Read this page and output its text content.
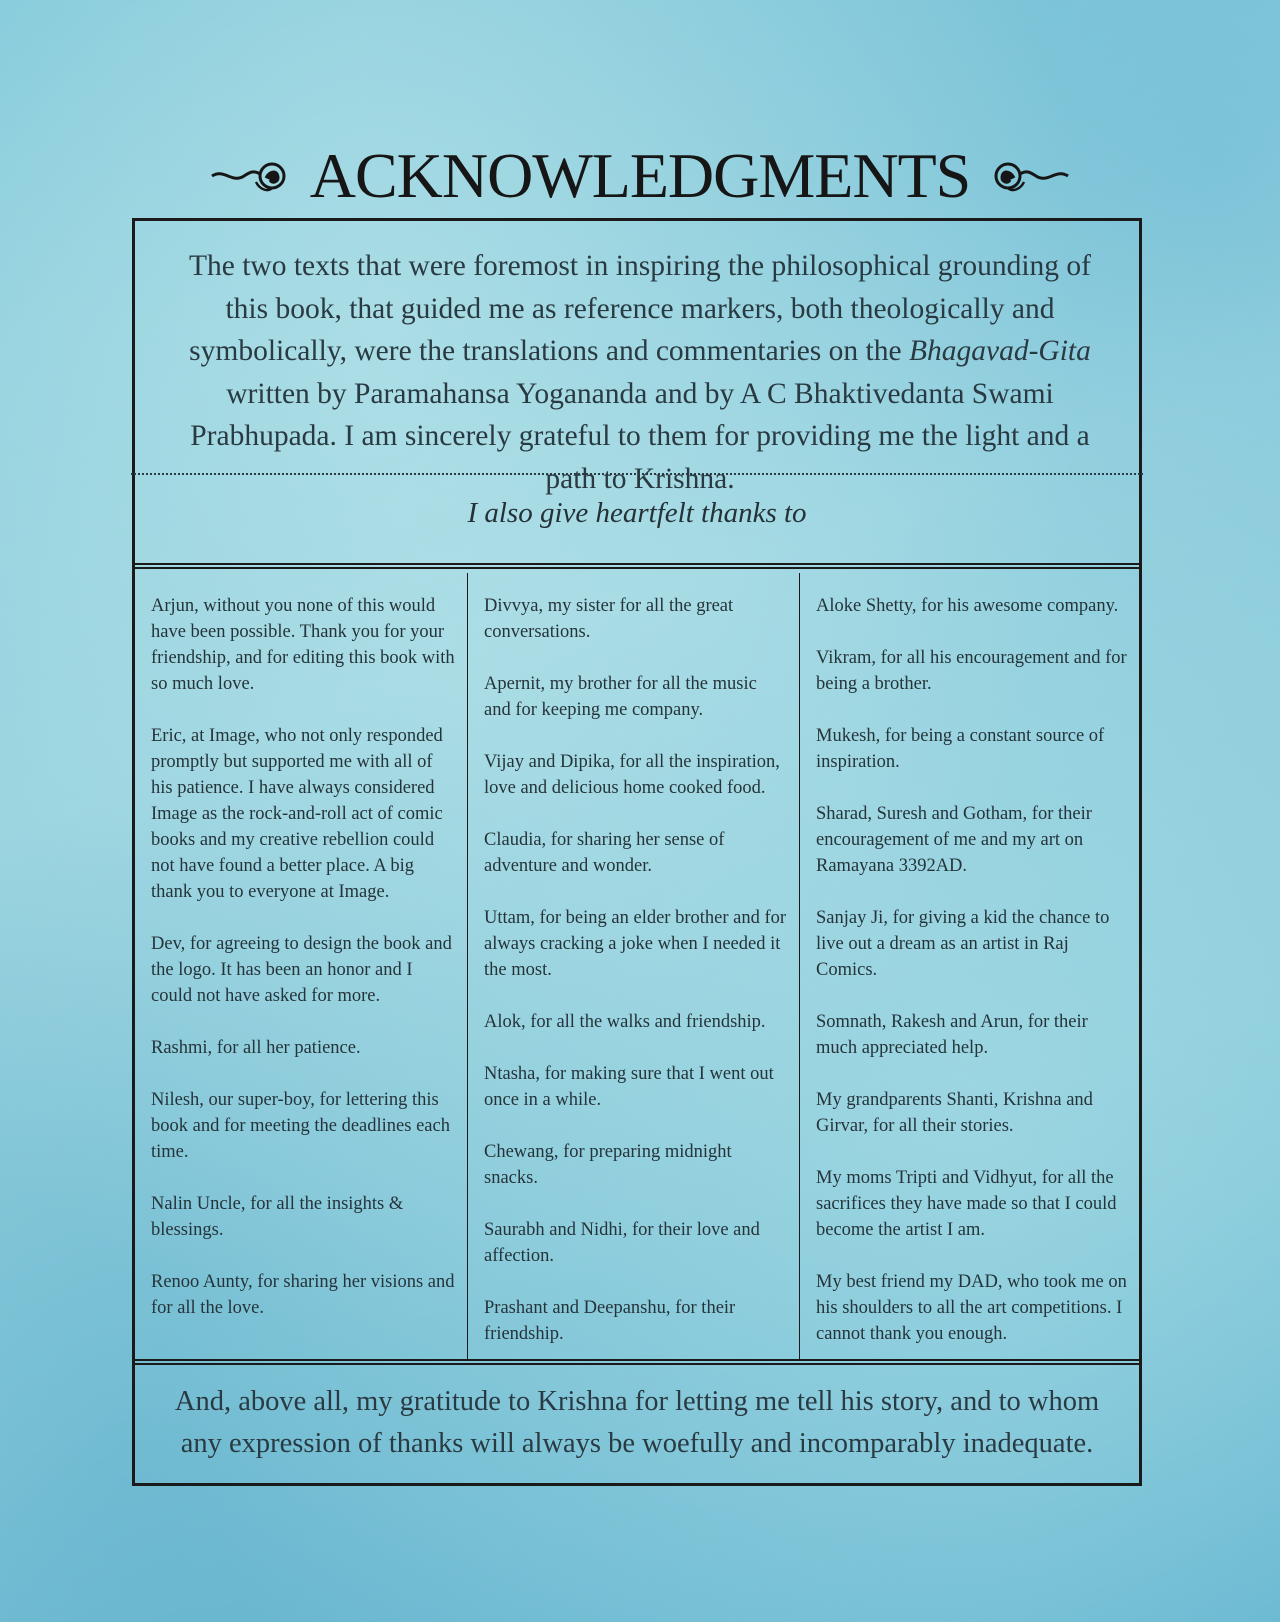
ACKNOWLEDGMENTS

The two texts that were foremost in inspiring the philosophical grounding of this book, that guided me as reference markers, both theologically and symbolically, were the translations and commentaries on the Bhagavad-Gita written by Paramahansa Yogananda and by A C Bhaktivedanta Swami Prabhupada. I am sincerely grateful to them for providing me the light and a path to Krishna.

I also give heartfelt thanks to

Arjun, without you none of this would have been possible. Thank you for your friendship, and for editing this book with so much love.

Eric, at Image, who not only responded promptly but supported me with all of his patience. I have always considered Image as the rock-and-roll act of comic books and my creative rebellion could not have found a better place. A big thank you to everyone at Image.

Dev, for agreeing to design the book and the logo. It has been an honor and I could not have asked for more.

Rashmi, for all her patience.

Nilesh, our super-boy, for lettering this book and for meeting the deadlines each time.

Nalin Uncle, for all the insights & blessings.

Renoo Aunty, for sharing her visions and for all the love.

Divvya, my sister for all the great conversations.

Apernit, my brother for all the music and for keeping me company.

Vijay and Dipika, for all the inspiration, love and delicious home cooked food.

Claudia, for sharing her sense of adventure and wonder.

Uttam, for being an elder brother and for always cracking a joke when I needed it the most.

Alok, for all the walks and friendship.

Ntasha, for making sure that I went out once in a while.

Chewang, for preparing midnight snacks.

Saurabh and Nidhi, for their love and affection.

Prashant and Deepanshu, for their friendship.

Aloke Shetty, for his awesome company.

Vikram, for all his encouragement and for being a brother.

Mukesh, for being a constant source of inspiration.

Sharad, Suresh and Gotham, for their encouragement of me and my art on Ramayana 3392AD.

Sanjay Ji, for giving a kid the chance to live out a dream as an artist in Raj Comics.

Somnath, Rakesh and Arun, for their much appreciated help.

My grandparents Shanti, Krishna and Girvar, for all their stories.

My moms Tripti and Vidhyut, for all the sacrifices they have made so that I could become the artist I am.

My best friend my DAD, who took me on his shoulders to all the art competitions. I cannot thank you enough.

And, above all, my gratitude to Krishna for letting me tell his story, and to whom any expression of thanks will always be woefully and incomparably inadequate.
